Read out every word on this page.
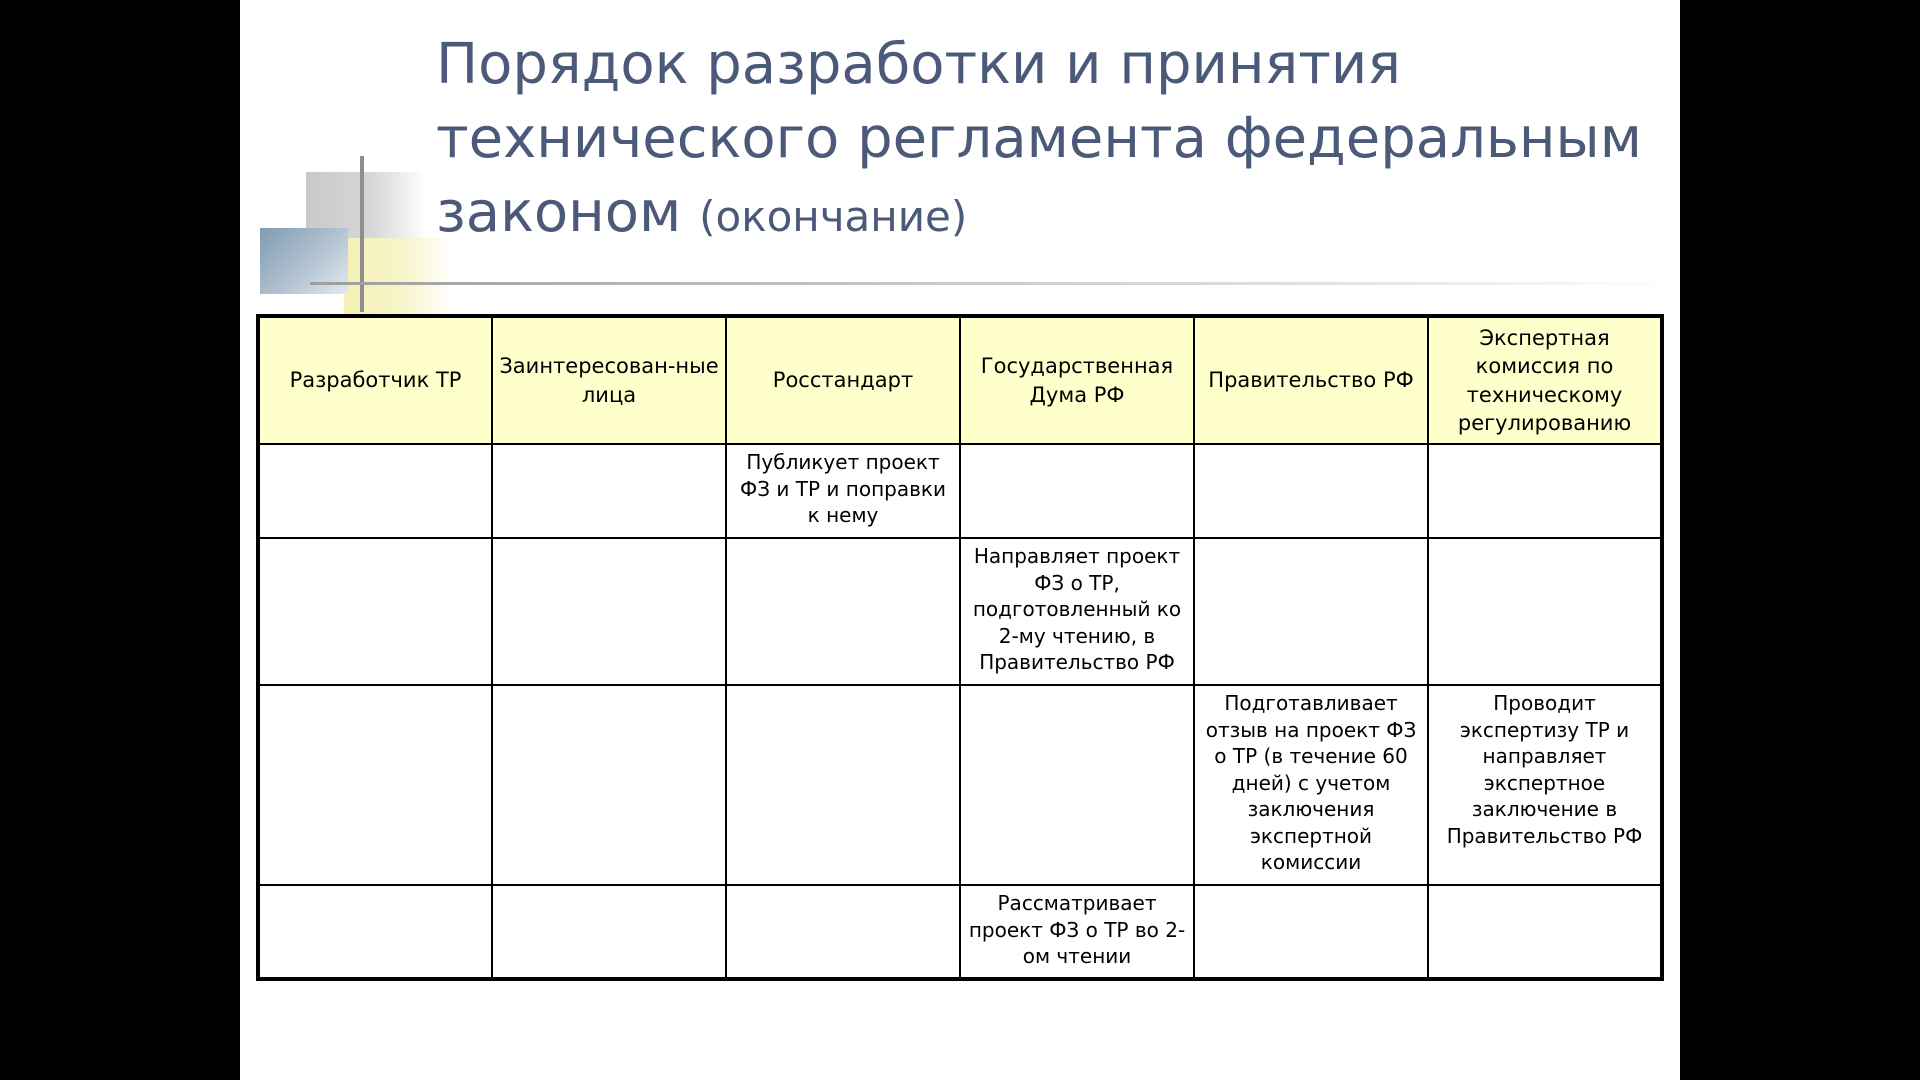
Порядок разработки и принятия
технического регламента федеральным
законом (окончание)
Разработчик ТР	Заинтересован-ные лица	Росстандарт	Государственная Дума РФ	Правительство РФ	Экспертная комиссия по техническому регулированию
		Публикует проект ФЗ и ТР и поправки к нему			
			Направляет проект ФЗ о ТР, подготовленный ко 2-му чтению, в Правительство РФ		
				Подготавливает отзыв на проект ФЗ о ТР (в течение 60 дней) с учетом заключения экспертной комиссии	Проводит экспертизу ТР и направляет экспертное заключение в Правительство РФ
			Рассматривает проект ФЗ о ТР во 2-ом чтении		
